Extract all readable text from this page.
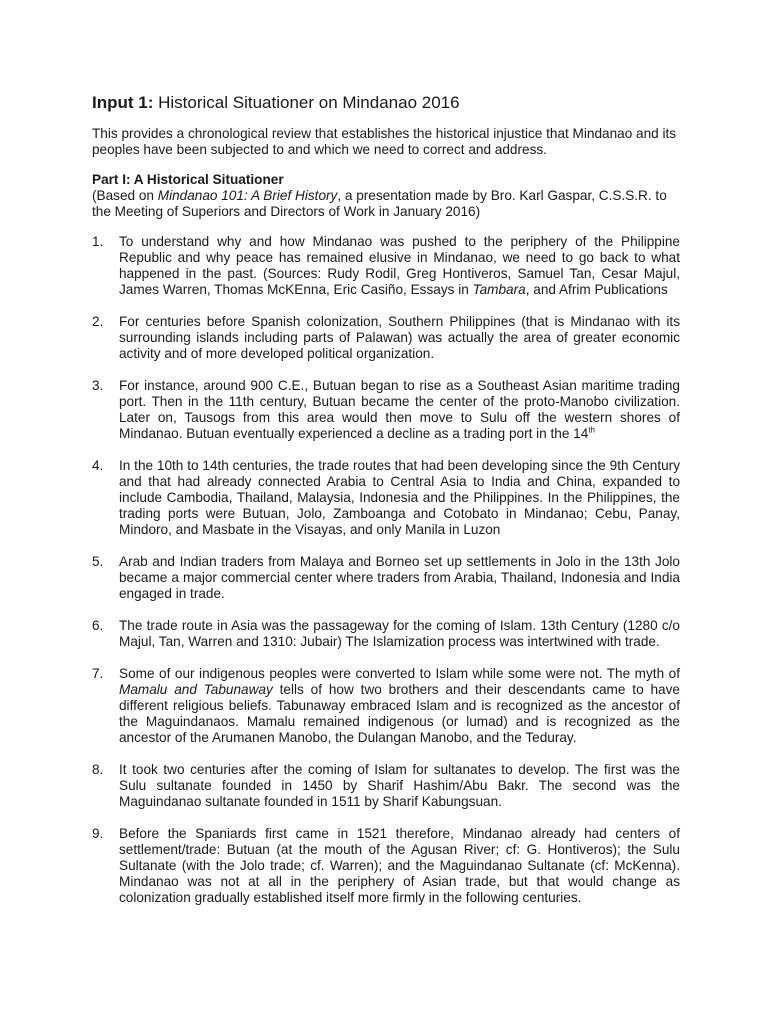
Input 1: Historical Situationer on Mindanao 2016

This provides a chronological review that establishes the historical injustice that Mindanao and its peoples have been subjected to and which we need to correct and address.

Part I: A Historical Situationer

(Based on Mindanao 101: A Brief History, a presentation made by Bro. Karl Gaspar, C.S.S.R. to the Meeting of Superiors and Directors of Work in January 2016)

1. To understand why and how Mindanao was pushed to the periphery of the Philippine Republic and why peace has remained elusive in Mindanao, we need to go back to what happened in the past. (Sources: Rudy Rodil, Greg Hontiveros, Samuel Tan, Cesar Majul, James Warren, Thomas McKEnna, Eric Casiño, Essays in Tambara, and Afrim Publications
2. For centuries before Spanish colonization, Southern Philippines (that is Mindanao with its surrounding islands including parts of Palawan) was actually the area of greater economic activity and of more developed political organization.
3. For instance, around 900 C.E., Butuan began to rise as a Southeast Asian maritime trading port. Then in the 11th century, Butuan became the center of the proto-Manobo civilization. Later on, Tausogs from this area would then move to Sulu off the western shores of Mindanao. Butuan eventually experienced a decline as a trading port in the 14th
4. In the 10th to 14th centuries, the trade routes that had been developing since the 9th Century and that had already connected Arabia to Central Asia to India and China, expanded to include Cambodia, Thailand, Malaysia, Indonesia and the Philippines. In the Philippines, the trading ports were Butuan, Jolo, Zamboanga and Cotobato in Mindanao; Cebu, Panay, Mindoro, and Masbate in the Visayas, and only Manila in Luzon
5. Arab and Indian traders from Malaya and Borneo set up settlements in Jolo in the 13th Jolo became a major commercial center where traders from Arabia, Thailand, Indonesia and India engaged in trade.
6. The trade route in Asia was the passageway for the coming of Islam. 13th Century (1280 c/o Majul, Tan, Warren and 1310: Jubair) The Islamization process was intertwined with trade.
7. Some of our indigenous peoples were converted to Islam while some were not. The myth of Mamalu and Tabunaway tells of how two brothers and their descendants came to have different religious beliefs. Tabunaway embraced Islam and is recognized as the ancestor of the Maguindanaos. Mamalu remained indigenous (or lumad) and is recognized as the ancestor of the Arumanen Manobo, the Dulangan Manobo, and the Teduray.
8. It took two centuries after the coming of Islam for sultanates to develop. The first was the Sulu sultanate founded in 1450 by Sharif Hashim/Abu Bakr. The second was the Maguindanao sultanate founded in 1511 by Sharif Kabungsuan.
9. Before the Spaniards first came in 1521 therefore, Mindanao already had centers of settlement/trade: Butuan (at the mouth of the Agusan River; cf: G. Hontiveros); the Sulu Sultanate (with the Jolo trade; cf. Warren); and the Maguindanao Sultanate (cf: McKenna). Mindanao was not at all in the periphery of Asian trade, but that would change as colonization gradually established itself more firmly in the following centuries.
